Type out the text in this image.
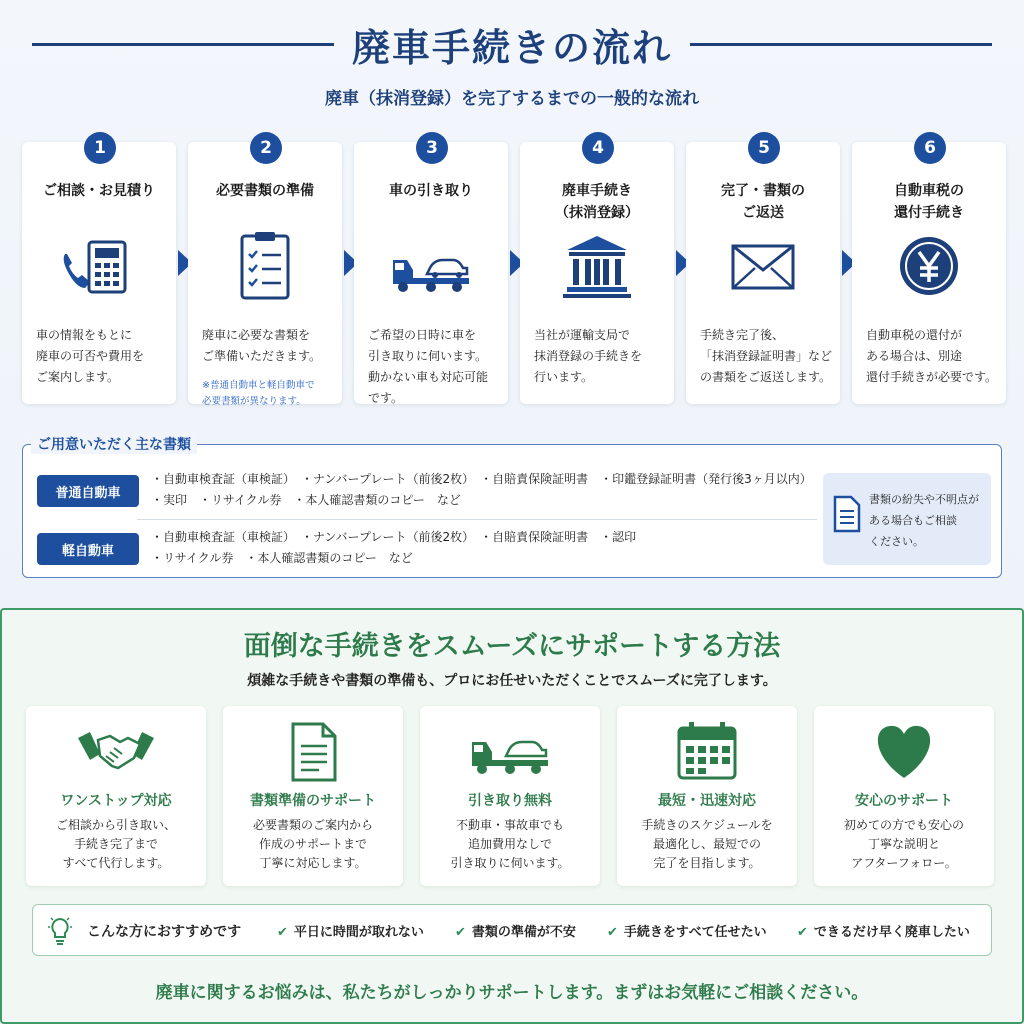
廃車手続きの流れ
廃車（抹消登録）を完了するまでの一般的な流れ
1
ご相談・お見積り
車の情報をもとに
廃車の可否や費用を
ご案内します。
2
必要書類の準備
廃車に必要な書類を
ご準備いただきます。
※普通自動車と軽自動車で
必要書類が異なります。
3
車の引き取り
ご希望の日時に車を
引き取りに伺います。
動かない車も対応可能
です。
4
廃車手続き
（抹消登録）
当社が運輸支局で
抹消登録の手続きを
行います。
5
完了・書類の
ご返送
手続き完了後、
「抹消登録証明書」など
の書類をご返送します。
6
自動車税の
還付手続き
自動車税の還付が
ある場合は、別途
還付手続きが必要です。
ご用意いただく主な書類
普通自動車
・自動車検査証（車検証）　・ナンバープレート（前後2枚）　・自賠責保険証明書　・印鑑登録証明書（発行後3ヶ月以内）
・実印　・リサイクル券　・本人確認書類のコピー　など
軽自動車
・自動車検査証（車検証）　・ナンバープレート（前後2枚）　・自賠責保険証明書　・認印
・リサイクル券　・本人確認書類のコピー　など
書類の紛失や不明点が
ある場合もご相談
ください。
面倒な手続きをスムーズにサポートする方法
煩雑な手続きや書類の準備も、プロにお任せいただくことでスムーズに完了します。
ワンストップ対応
ご相談から引き取い、
手続き完了まで
すべて代行します。
書類準備のサポート
必要書類のご案内から
作成のサポートまで
丁寧に対応します。
引き取り無料
不動車・事故車でも
追加費用なしで
引き取りに伺います。
最短・迅速対応
手続きのスケジュールを
最適化し、最短での
完了を目指します。
安心のサポート
初めての方でも安心の
丁寧な説明と
アフターフォロー。
こんな方におすすめです	✔ 平日に時間が取れない ✔ 書類の準備が不安 ✔ 手続きをすべて任せたい ✔ できるだけ早く廃車したい
廃車に関するお悩みは、私たちがしっかりサポートします。まずはお気軽にご相談ください。
